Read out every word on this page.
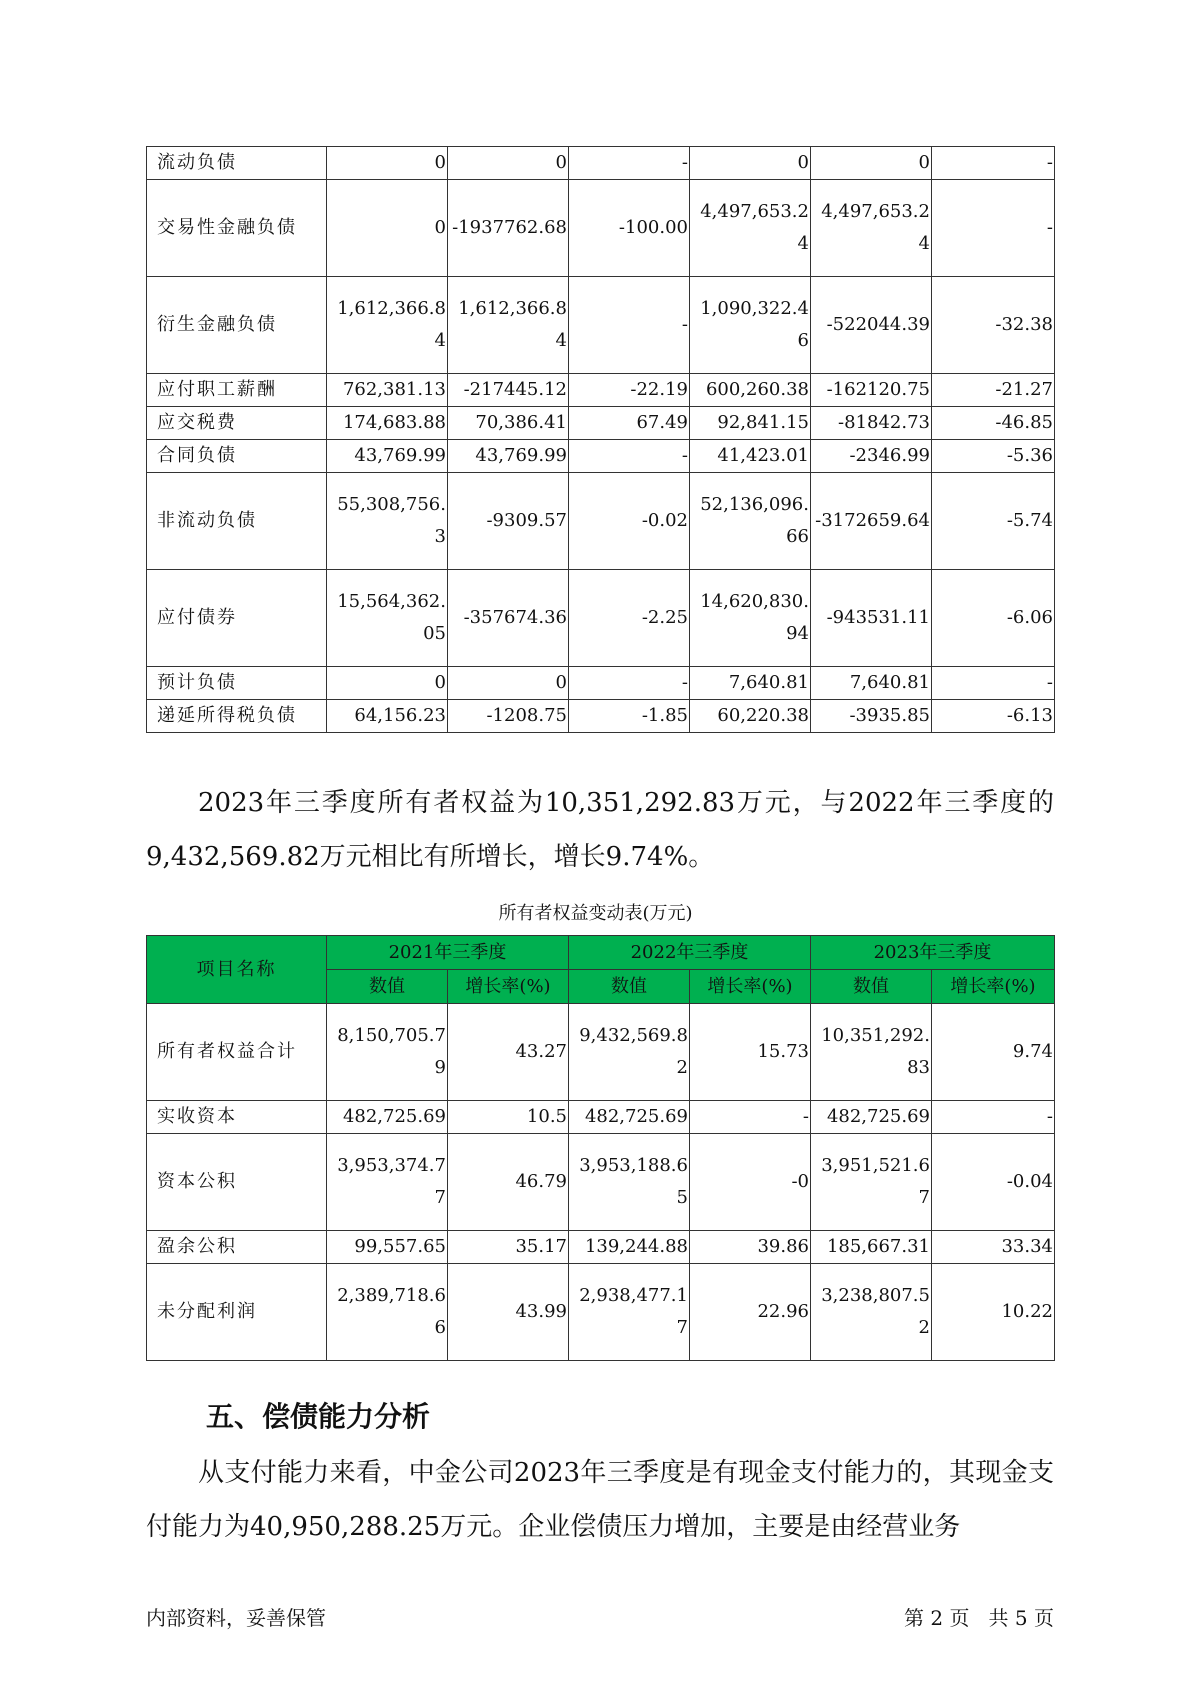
流动负债	0	0	-	0	0	-
交易性金融负债	0	-1937762.68	-100.00	4,497,653.24	4,497,653.24	-
衍生金融负债	1,612,366.84	1,612,366.84	-	1,090,322.46	-522044.39	-32.38
应付职工薪酬	762,381.13	-217445.12	-22.19	600,260.38	-162120.75	-21.27
应交税费	174,683.88	70,386.41	67.49	92,841.15	-81842.73	-46.85
合同负债	43,769.99	43,769.99	-	41,423.01	-2346.99	-5.36
非流动负债	55,308,756.3	-9309.57	-0.02	52,136,096.66	-3172659.64	-5.74
应付债券	15,564,362.05	-357674.36	-2.25	14,620,830.94	-943531.11	-6.06
预计负债	0	0	-	7,640.81	7,640.81	-
递延所得税负债	64,156.23	-1208.75	-1.85	60,220.38	-3935.85	-6.13

2023年三季度所有者权益为10,351,292.83万元，与2022年三季度的9,432,569.82万元相比有所增长，增长9.74%。

所有者权益变动表(万元)
项目名称	2021年三季度		2022年三季度		2023年三季度	
	数值	增长率(%)	数值	增长率(%)	数值	增长率(%)
所有者权益合计	8,150,705.79	43.27	9,432,569.82	15.73	10,351,292.83	9.74
实收资本	482,725.69	10.5	482,725.69	-	482,725.69	-
资本公积	3,953,374.77	46.79	3,953,188.65	-0	3,951,521.67	-0.04
盈余公积	99,557.65	35.17	139,244.88	39.86	185,667.31	33.34
未分配利润	2,389,718.66	43.99	2,938,477.17	22.96	3,238,807.52	10.22
五、偿债能力分析

从支付能力来看，中金公司2023年三季度是有现金支付能力的，其现金支付能力为40,950,288.25万元。企业偿债压力增加，主要是由经营业务

内部资料，妥善保管	第 2 页   共 5 页
